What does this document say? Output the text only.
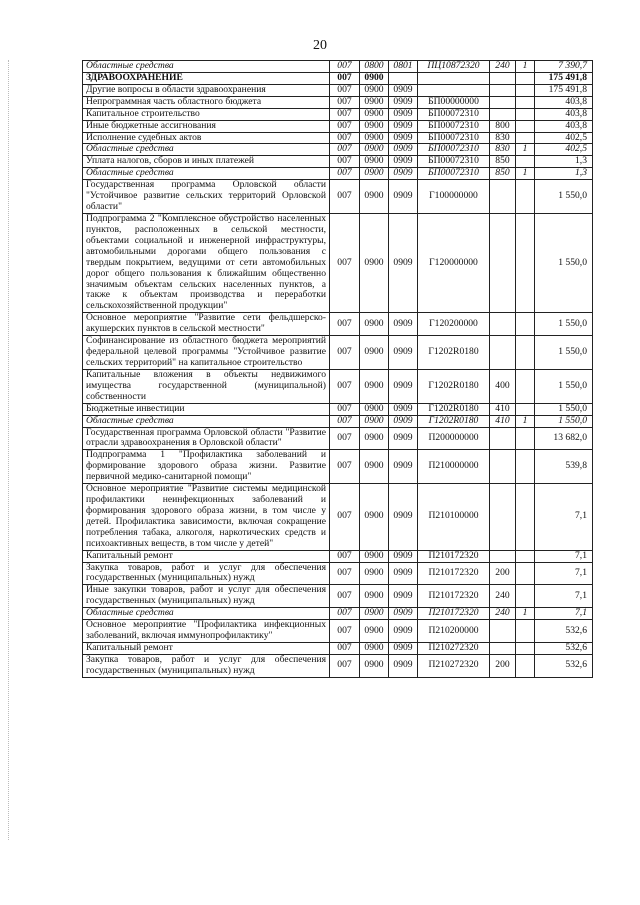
20
Областные средства	007	0800	0801	ПЦ10872320	240	1	7 390,7
ЗДРАВООХРАНЕНИЕ	007	0900					175 491,8
Другие вопросы в области здравоохранения	007	0900	0909				175 491,8
Непрограммная часть областного бюджета	007	0900	0909	БП00000000			403,8
Капитальное строительство	007	0900	0909	БП00072310			403,8
Иные бюджетные ассигнования	007	0900	0909	БП00072310	800		403,8
Исполнение судебных актов	007	0900	0909	БП00072310	830		402,5
Областные средства	007	0900	0909	БП00072310	830	1	402,5
Уплата налогов, сборов и иных платежей	007	0900	0909	БП00072310	850		1,3
Областные средства	007	0900	0909	БП00072310	850	1	1,3
Государственная программа Орловской области "Устойчивое развитие сельских территорий Орловской области"	007	0900	0909	Г100000000			1 550,0
Подпрограмма 2 "Комплексное обустройство населенных пунктов, расположенных в сельской местности, объектами социальной и инженерной инфраструктуры, автомобильными дорогами общего пользования с твердым покрытием, ведущими от сети автомобильных дорог общего пользования к ближайшим общественно значимым объектам сельских населенных пунктов, а также к объектам производства и переработки сельскохозяйственной продукции"	007	0900	0909	Г120000000			1 550,0
Основное мероприятие "Развитие сети фельдшерско-акушерских пунктов в сельской местности"	007	0900	0909	Г120200000			1 550,0
Софинансирование из областного бюджета мероприятий федеральной целевой программы "Устойчивое развитие сельских территорий" на капитальное строительство	007	0900	0909	Г1202R0180			1 550,0
Капитальные вложения в объекты недвижимого имущества государственной (муниципальной) собственности	007	0900	0909	Г1202R0180	400		1 550,0
Бюджетные инвестиции	007	0900	0909	Г1202R0180	410		1 550,0
Областные средства	007	0900	0909	Г1202R0180	410	1	1 550,0
Государственная программа Орловской области "Развитие отрасли здравоохранения в Орловской области"	007	0900	0909	П200000000			13 682,0
Подпрограмма 1 "Профилактика заболеваний и формирование здорового образа жизни. Развитие первичной медико-санитарной помощи"	007	0900	0909	П210000000			539,8
Основное мероприятие "Развитие системы медицинской профилактики неинфекционных заболеваний и формирования здорового образа жизни, в том числе у детей. Профилактика зависимости, включая сокращение потребления табака, алкоголя, наркотических средств и психоактивных веществ, в том числе у детей"	007	0900	0909	П210100000			7,1
Капитальный ремонт	007	0900	0909	П210172320			7,1
Закупка товаров, работ и услуг для обеспечения государственных (муниципальных) нужд	007	0900	0909	П210172320	200		7,1
Иные закупки товаров, работ и услуг для обеспечения государственных (муниципальных) нужд	007	0900	0909	П210172320	240		7,1
Областные средства	007	0900	0909	П210172320	240	1	7,1
Основное мероприятие "Профилактика инфекционных заболеваний, включая иммунопрофилактику"	007	0900	0909	П210200000			532,6
Капитальный ремонт	007	0900	0909	П210272320			532,6
Закупка товаров, работ и услуг для обеспечения государственных (муниципальных) нужд	007	0900	0909	П210272320	200		532,6
